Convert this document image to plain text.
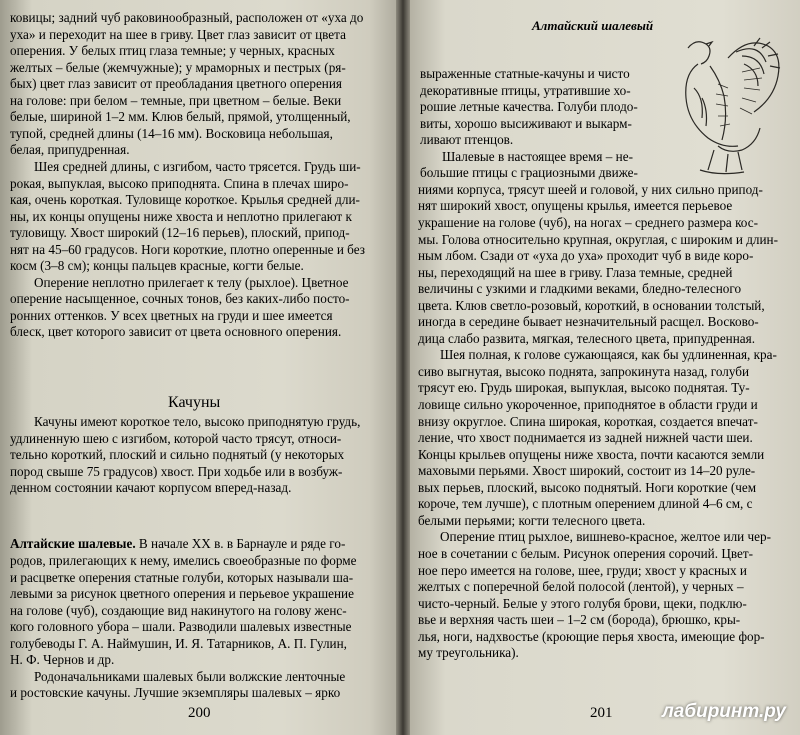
ковицы; задний чуб раковинообразный, расположен от «уха до
уха» и переходит на шее в гриву. Цвет глаз зависит от цвета
оперения. У белых птиц глаза темные; у черных, красных
желтых – белые (жемчужные); у мраморных и пестрых (ря-
бых) цвет глаз зависит от преобладания цветного оперения
на голове: при белом – темные, при цветном – белые. Веки
белые, шириной 1–2 мм. Клюв белый, прямой, утолщенный,
тупой, средней длины (14–16 мм). Восковица небольшая,
белая, припудренная.
Шея средней длины, с изгибом, часто трясется. Грудь ши-
рокая, выпуклая, высоко приподнята. Спина в плечах широ-
кая, очень короткая. Туловище короткое. Крылья средней дли-
ны, их концы опущены ниже хвоста и неплотно прилегают к
туловищу. Хвост широкий (12–16 перьев), плоский, припод-
нят на 45–60 градусов. Ноги короткие, плотно оперенные и без
косм (3–8 см); концы пальцев красные, когти белые.
Оперение неплотно прилегает к телу (рыхлое). Цветное
оперение насыщенное, сочных тонов, без каких-либо посто-
ронних оттенков. У всех цветных на груди и шее имеется
блеск, цвет которого зависит от цвета основного оперения.
Качуны имеют короткое тело, высоко приподнятую грудь,
удлиненную шею с изгибом, которой часто трясут, относи-
тельно короткий, плоский и сильно поднятый (у некоторых
пород свыше 75 градусов) хвост. При ходьбе или в возбуж-
денном состоянии качают корпусом вперед-назад.
родов, прилегающих к нему, имелись своеобразные по форме
и расцветке оперения статные голуби, которых называли ша-
левыми за рисунок цветного оперения и перьевое украшение
на голове (чуб), создающие вид накинутого на голову женс-
кого головного убора – шали. Разводили шалевых известные
голубеводы Г. А. Наймушин, И. Я. Татарников, А. П. Гулин,
Н. Ф. Чернов и др.
Родоначальниками шалевых были волжские ленточные
и ростовские качуны. Лучшие экземпляры шалевых – ярко
выраженные статные-качуны и чисто
декоративные птицы, утратившие хо-
рошие летные качества. Голуби плодо-
виты, хорошо высиживают и выкарм-
ливают птенцов.
Шалевые в настоящее время – не-
большие птицы с грациозными движе-
ниями корпуса, трясут шеей и головой, у них сильно припод-
нят широкий хвост, опущены крылья, имеется перьевое
украшение на голове (чуб), на ногах – среднего размера кос-
мы. Голова относительно крупная, округлая, с широким и длин-
ным лбом. Сзади от «уха до уха» проходит чуб в виде коро-
ны, переходящий на шее в гриву. Глаза темные, средней
величины с узкими и гладкими веками, бледно-телесного
цвета. Клюв светло-розовый, короткий, в основании толстый,
иногда в середине бывает незначительный расщел. Восково-
дица слабо развита, мягкая, телесного цвета, припудренная.
Шея полная, к голове сужающаяся, как бы удлиненная, кра-
сиво выгнутая, высоко поднята, запрокинута назад, голуби
трясут ею. Грудь широкая, выпуклая, высоко поднятая. Ту-
ловище сильно укороченное, приподнятое в области груди и
внизу округлое. Спина широкая, короткая, создается впечат-
ление, что хвост поднимается из задней нижней части шеи.
Концы крыльев опущены ниже хвоста, почти касаются земли
маховыми перьями. Хвост широкий, состоит из 14–20 руле-
вых перьев, плоский, высоко поднятый. Ноги короткие (чем
короче, тем лучше), с плотным оперением длиной 4–6 см, с
белыми перьями; когти телесного цвета.
Оперение птиц рыхлое, вишнево-красное, желтое или чер-
ное в сочетании с белым. Рисунок оперения сорочий. Цвет-
ное перо имеется на голове, шее, груди; хвост у красных и
желтых с поперечной белой полосой (лентой), у черных –
чисто-черный. Белые у этого голубя брови, щеки, подклю-
вье и верхняя часть шеи – 1–2 см (борода), брюшко, кры-
лья, ноги, надхвостье (кроющие перья хвоста, имеющие фор-
му треугольника).
Качуны
Алтайский шалевый
Алтайские шалевые. В начале XX в. в Барнауле и ряде го-
200	201	лабиринт.ру
